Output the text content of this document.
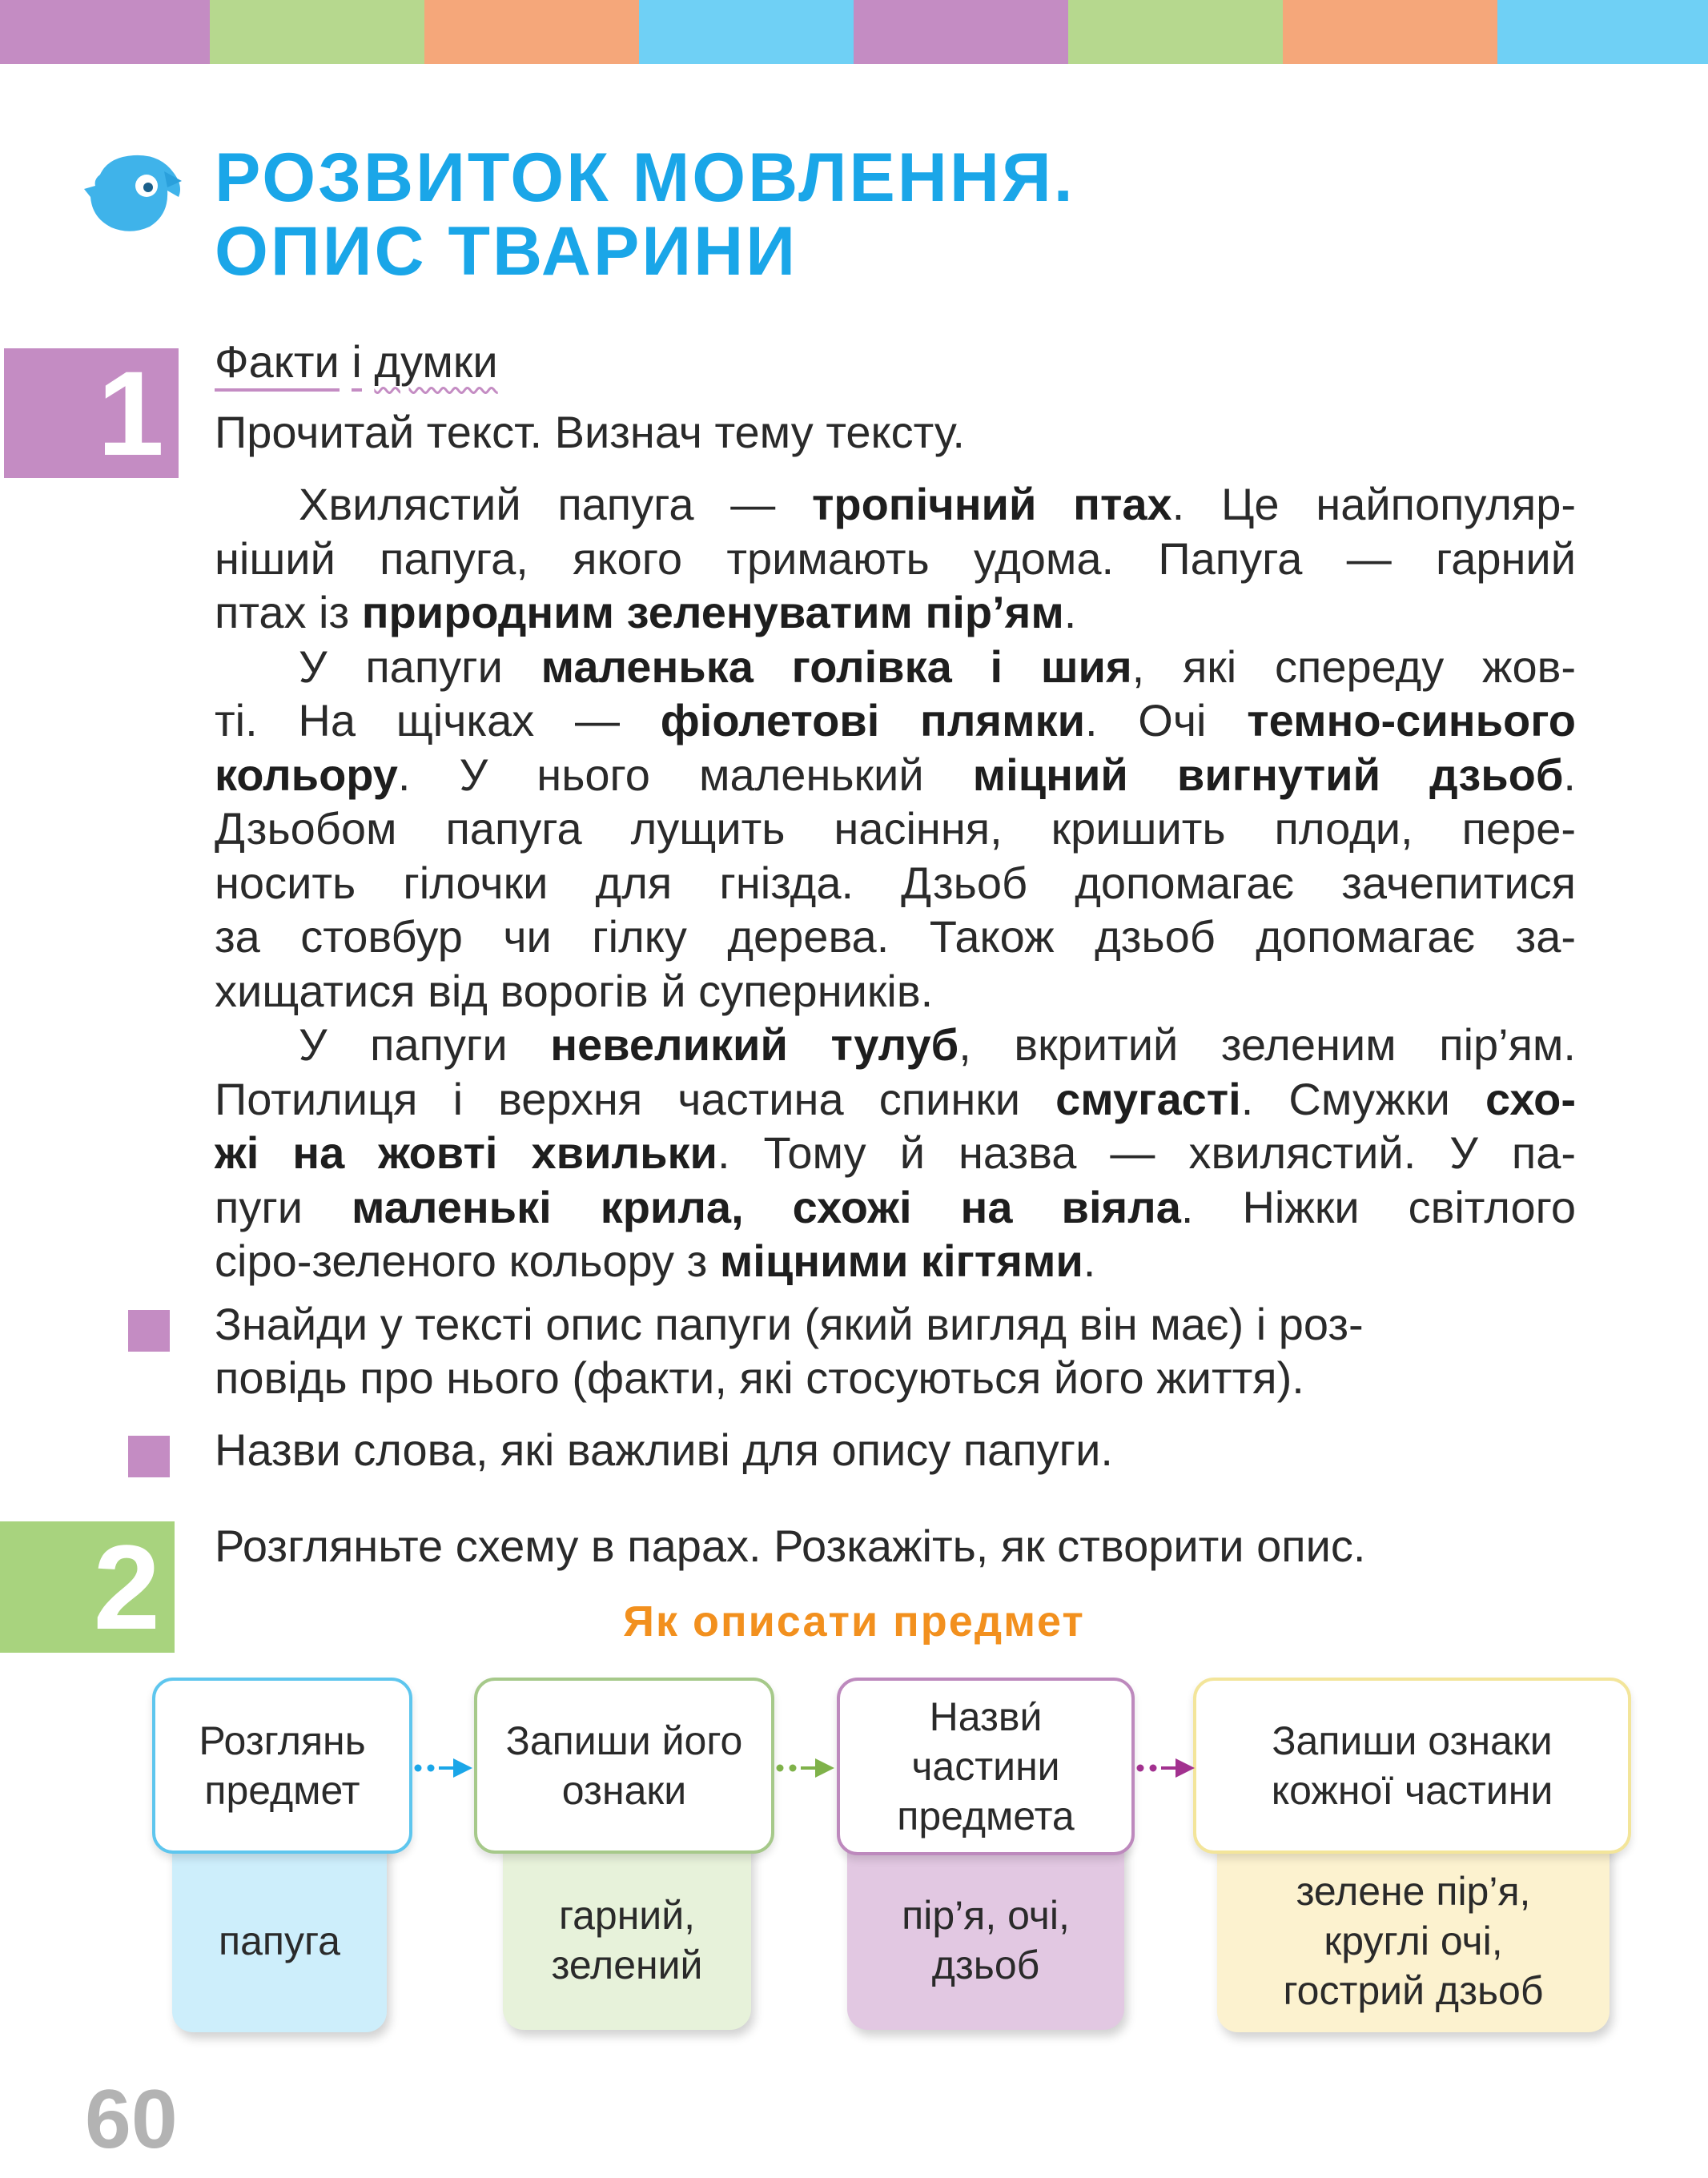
РОЗВИТОК МОВЛЕННЯ.
ОПИС ТВАРИНИ
1	Факти і думки
Прочитай текст. Визнач тему тексту.
Хвилястий папуга — тропічний птах. Це найпопуляр-
ніший папуга, якого тримають удома. Папуга — гарний
птах із природним зеленуватим пір’ям.
У папуги маленька голівка і шия, які спереду жов-
ті. На щічках — фіолетові плямки. Очі темно-синього
кольору. У нього маленький міцний вигнутий дзьоб.
Дзьобом папуга лущить насіння, кришить плоди, пере-
носить гілочки для гнізда. Дзьоб допомагає зачепитися
за стовбур чи гілку дерева. Також дзьоб допомагає за-
хищатися від ворогів й суперників.
У папуги невеликий тулуб, вкритий зеленим пір’ям.
Потилиця і верхня частина спинки смугасті. Смужки схо-
жі на жовті хвильки. Тому й назва — хвилястий. У па-
пуги маленькі крила, схожі на віяла. Ніжки світлого
сіро-зеленого кольору з міцними кігтями.
Знайди у тексті опис папуги (який вигляд він має) і роз-
повідь про нього (факти, які стосуються його життя).
Назви слова, які важливі для опису папуги.
2	Розгляньте схему в парах. Розкажіть, як створити опис.
Як описати предмет
Розглянь
предмет
папуга
Запиши його
ознаки
гарний,
зелений
Назви́
частини
предмета
пір’я, очі,
дзьоб
Запиши ознаки
кожної частини
зелене пір’я,
круглі очі,
гострий дзьоб
60
